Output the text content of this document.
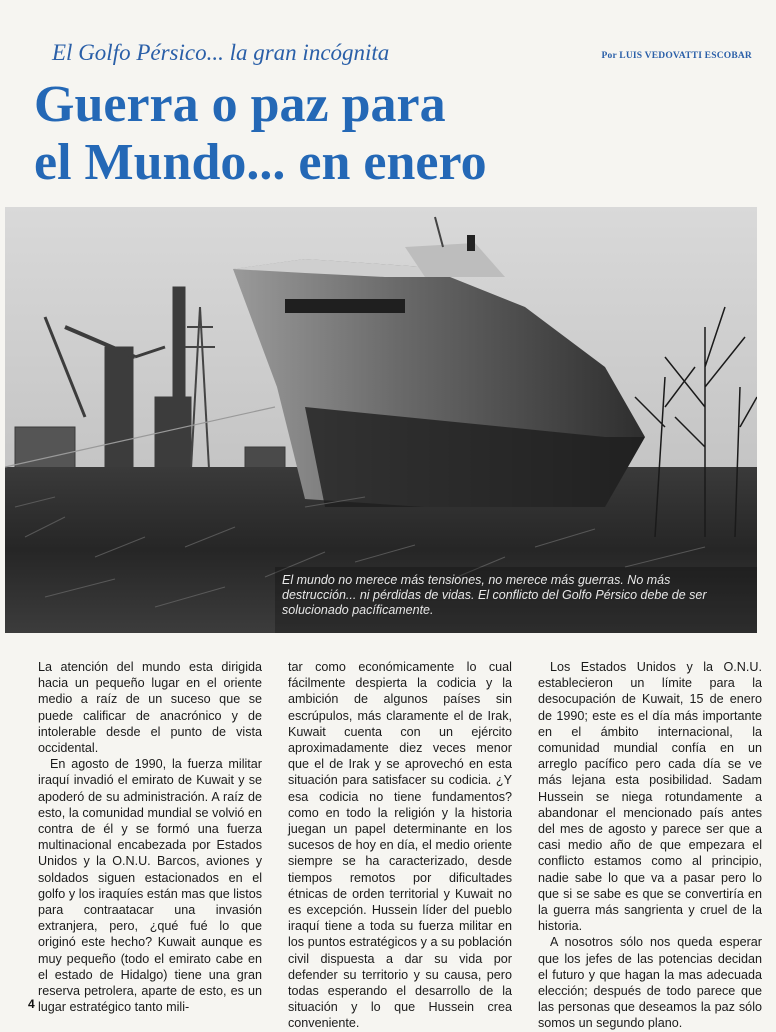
El Golfo Pérsico... la gran incógnita	Por LUIS VEDOVATTI ESCOBAR
Guerra o paz para
el Mundo... en enero
El mundo no merece más tensiones, no merece más guerras. No más destrucción... ni pérdidas de vidas. El conflicto del Golfo Pérsico debe de ser solucionado pacíficamente.

La atención del mundo esta dirigida hacia un pequeño lugar en el oriente medio a raíz de un suceso que se puede calificar de anacrónico y de intolerable desde el punto de vista occidental.

En agosto de 1990, la fuerza militar iraquí invadió el emirato de Kuwait y se apoderó de su administración. A raíz de esto, la comunidad mundial se volvió en contra de él y se formó una fuerza multinacional encabezada por Estados Unidos y la O.N.U. Barcos, aviones y soldados siguen estacionados en el golfo y los iraquíes están mas que listos para contraatacar una invasión extranjera, pero, ¿qué fué lo que originó este hecho? Kuwait aunque es muy pequeño (todo el emirato cabe en el estado de Hidalgo) tiene una gran reserva petrolera, aparte de esto, es un lugar estratégico tanto mili-

tar como económicamente lo cual fácilmente despierta la codicia y la ambición de algunos países sin escrúpulos, más claramente el de Irak, Kuwait cuenta con un ejército aproximadamente diez veces menor que el de Irak y se aprovechó en esta situación para satisfacer su codicia. ¿Y esa codicia no tiene fundamentos? como en todo la religión y la historia juegan un papel determinante en los sucesos de hoy en día, el medio oriente siempre se ha caracterizado, desde tiempos remotos por dificultades étnicas de orden territorial y Kuwait no es excepción. Hussein líder del pueblo iraquí tiene a toda su fuerza militar en los puntos estratégicos y a su población civil dispuesta a dar su vida por defender su territorio y su causa, pero todas esperando el desarrollo de la situación y lo que Hussein crea conveniente.

Los Estados Unidos y la O.N.U. establecieron un límite para la desocupación de Kuwait, 15 de enero de 1990; este es el día más importante en el ámbito internacional, la comunidad mundial confía en un arreglo pacífico pero cada día se ve más lejana esta posibilidad. Sadam Hussein se niega rotundamente a abandonar el mencionado país antes del mes de agosto y parece ser que a casi medio año de que empezara el conflicto estamos como al principio, nadie sabe lo que va a pasar pero lo que si se sabe es que se convertiría en la guerra más sangrienta y cruel de la historia.

A nosotros sólo nos queda esperar que los jefes de las potencias decidan el futuro y que hagan la mas adecuada elección; después de todo parece que las personas que deseamos la paz sólo somos un segundo plano.

4
